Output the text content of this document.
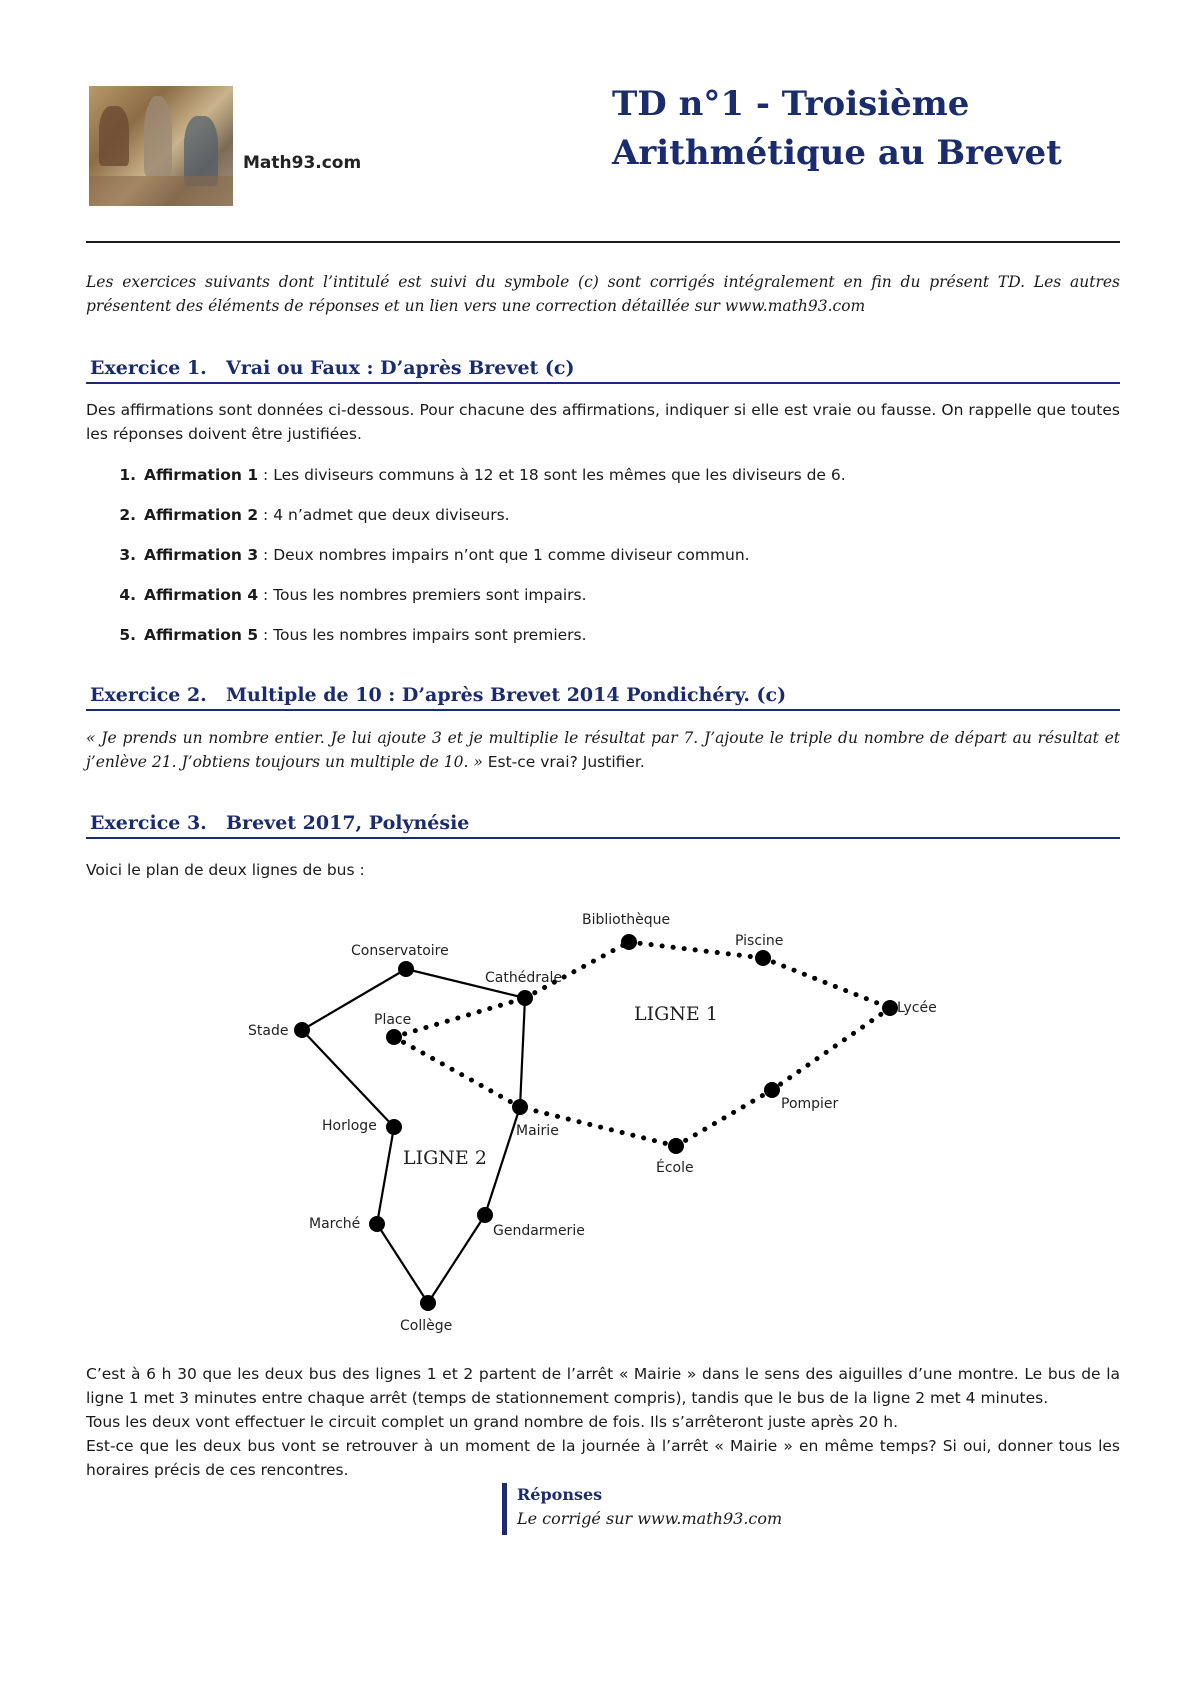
Math93.com
TD n°1 - Troisième
Arithmétique au Brevet
Les exercices suivants dont l’intitulé est suivi du symbole (c) sont corrigés intégralement en fin du présent TD. Les autres présentent des éléments de réponses et un lien vers une correction détaillée sur www.math93.com
Exercice 1. Vrai ou Faux : D’après Brevet (c)
Des affirmations sont données ci-dessous. Pour chacune des affirmations, indiquer si elle est vraie ou fausse. On rappelle que toutes les réponses doivent être justifiées.
1. Affirmation 1 : Les diviseurs communs à 12 et 18 sont les mêmes que les diviseurs de 6.
2. Affirmation 2 : 4 n’admet que deux diviseurs.
3. Affirmation 3 : Deux nombres impairs n’ont que 1 comme diviseur commun.
4. Affirmation 4 : Tous les nombres premiers sont impairs.
5. Affirmation 5 : Tous les nombres impairs sont premiers.
Exercice 2. Multiple de 10 : D’après Brevet 2014 Pondichéry. (c)
« Je prends un nombre entier. Je lui ajoute 3 et je multiplie le résultat par 7. J’ajoute le triple du nombre de départ au résultat et j’enlève 21. J’obtiens toujours un multiple de 10. » Est-ce vrai? Justifier.
Exercice 3. Brevet 2017, Polynésie
Voici le plan de deux lignes de bus :
Bibliothèque
Piscine
Lycée
Pompier
École
Mairie
Place
Cathédrale
Conservatoire
Stade
Horloge
Marché
Collège
Gendarmerie
LIGNE 1
LIGNE 2
C’est à 6 h 30 que les deux bus des lignes 1 et 2 partent de l’arrêt « Mairie » dans le sens des aiguilles d’une montre. Le bus de la ligne 1 met 3 minutes entre chaque arrêt (temps de stationnement compris), tandis que le bus de la ligne 2 met 4 minutes.
Tous les deux vont effectuer le circuit complet un grand nombre de fois. Ils s’arrêteront juste après 20 h.
Est-ce que les deux bus vont se retrouver à un moment de la journée à l’arrêt « Mairie » en même temps? Si oui, donner tous les horaires précis de ces rencontres.
Réponses
Le corrigé sur www.math93.com
